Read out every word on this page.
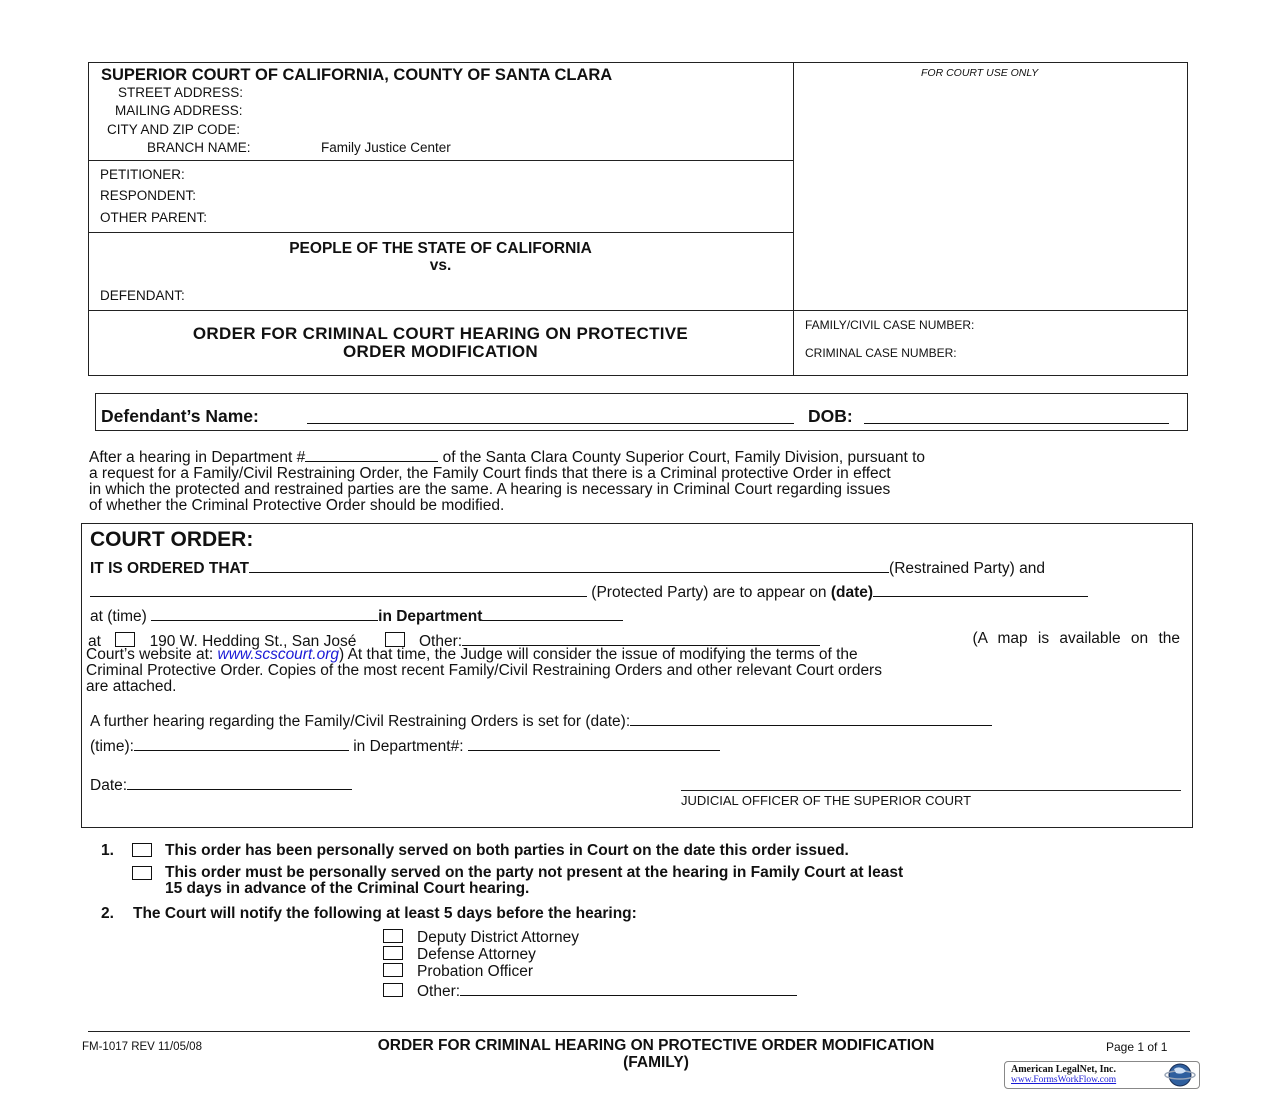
SUPERIOR COURT OF CALIFORNIA, COUNTY OF SANTA CLARA
STREET ADDRESS:
MAILING ADDRESS:
CITY AND ZIP CODE:
BRANCH NAME:	Family Justice Center
FOR COURT USE ONLY
PETITIONER:
RESPONDENT:
OTHER PARENT:
PEOPLE OF THE STATE OF CALIFORNIA
vs.
DEFENDANT:
ORDER FOR CRIMINAL COURT HEARING ON PROTECTIVE
ORDER MODIFICATION
FAMILY/CIVIL CASE NUMBER:
CRIMINAL CASE NUMBER:
Defendant’s Name:	DOB:
After a hearing in Department #	of the Santa Clara County Superior Court, Family Division, pursuant to
a request for a Family/Civil Restraining Order, the Family Court finds that there is a Criminal protective Order in effect
in which the protected and restrained parties are the same. A hearing is necessary in Criminal Court regarding issues
of whether the Criminal Protective Order should be modified.
COURT ORDER:
IT IS ORDERED THAT	(Restrained Party) and
(Protected Party) are to appear on (date)
at (time)	in Department
at	190 W. Hedding St., San José	Other:	(A map is available on the
Court’s website at: www.scscourt.org) At that time, the Judge will consider the issue of modifying the terms of the
Criminal Protective Order. Copies of the most recent Family/Civil Restraining Orders and other relevant Court orders
are attached.
A further hearing regarding the Family/Civil Restraining Orders is set for (date):
(time):	in Department#:
Date:
JUDICIAL OFFICER OF THE SUPERIOR COURT
1.	This order has been personally served on both parties in Court on the date this order issued.
This order must be personally served on the party not present at the hearing in Family Court at least
15 days in advance of the Criminal Court hearing.
2. The Court will notify the following at least 5 days before the hearing:
Deputy District Attorney
Defense Attorney
Probation Officer
Other:
FM-1017 REV 11/05/08	ORDER FOR CRIMINAL HEARING ON PROTECTIVE ORDER MODIFICATION
(FAMILY)
Page 1 of 1
American LegalNet, Inc.
www.FormsWorkFlow.com
